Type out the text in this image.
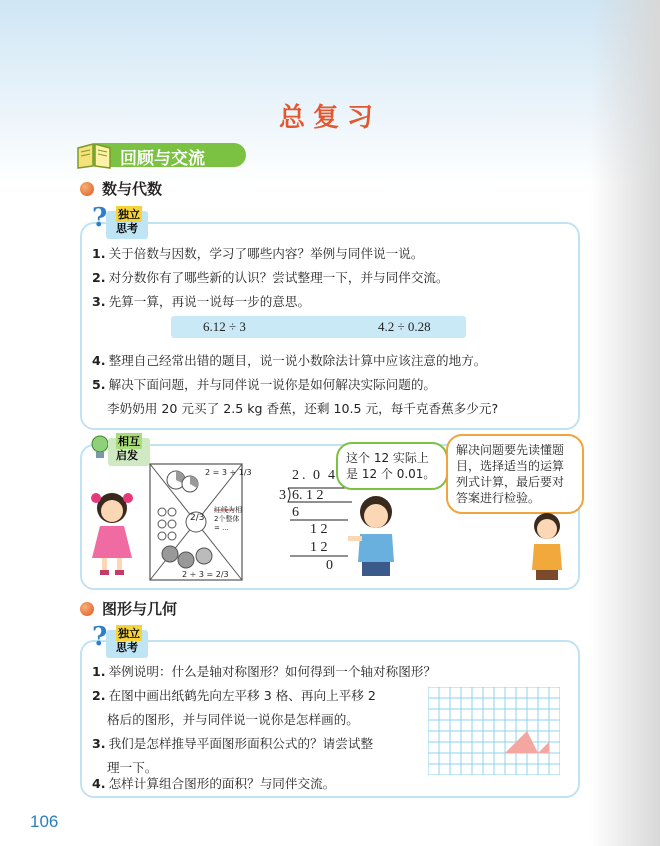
总复习
回顾与交流
数与代数
? 独立
思考
1. 关于倍数与因数，学习了哪些内容？举例与同伴说一说。
2. 对分数你有了哪些新的认识？尝试整理一下，并与同伴交流。
3. 先算一算，再说一说每一步的意思。
6.12 ÷ 3	4.2 ÷ 0.28
4. 整理自己经常出错的题目，说一说小数除法计算中应该注意的地方。
5. 解决下面问题，并与同伴说一说你是如何解决实际问题的。
李奶奶用 20 元买了 2.5 kg 香蕉，还剩 10.5 元，每千克香蕉多少元?
相互
启发
2 = 3 ÷ 1/3
2 ÷ 3 = 2/3
红线为相2个整体 = ...
2/3
2 . 0 4
3 6. 1 2
6
1 2
1 2
0
这个 12 实际上是 12 个 0.01。
解决问题要先读懂题目，选择适当的运算列式计算，最后要对答案进行检验。
图形与几何
? 独立
思考
1. 举例说明：什么是轴对称图形？如何得到一个轴对称图形？
2. 在图中画出纸鹤先向左平移 3 格、再向上平移 2
格后的图形，并与同伴说一说你是怎样画的。
3. 我们是怎样推导平面图形面积公式的？请尝试整
理一下。
4. 怎样计算组合图形的面积？与同伴交流。
106
